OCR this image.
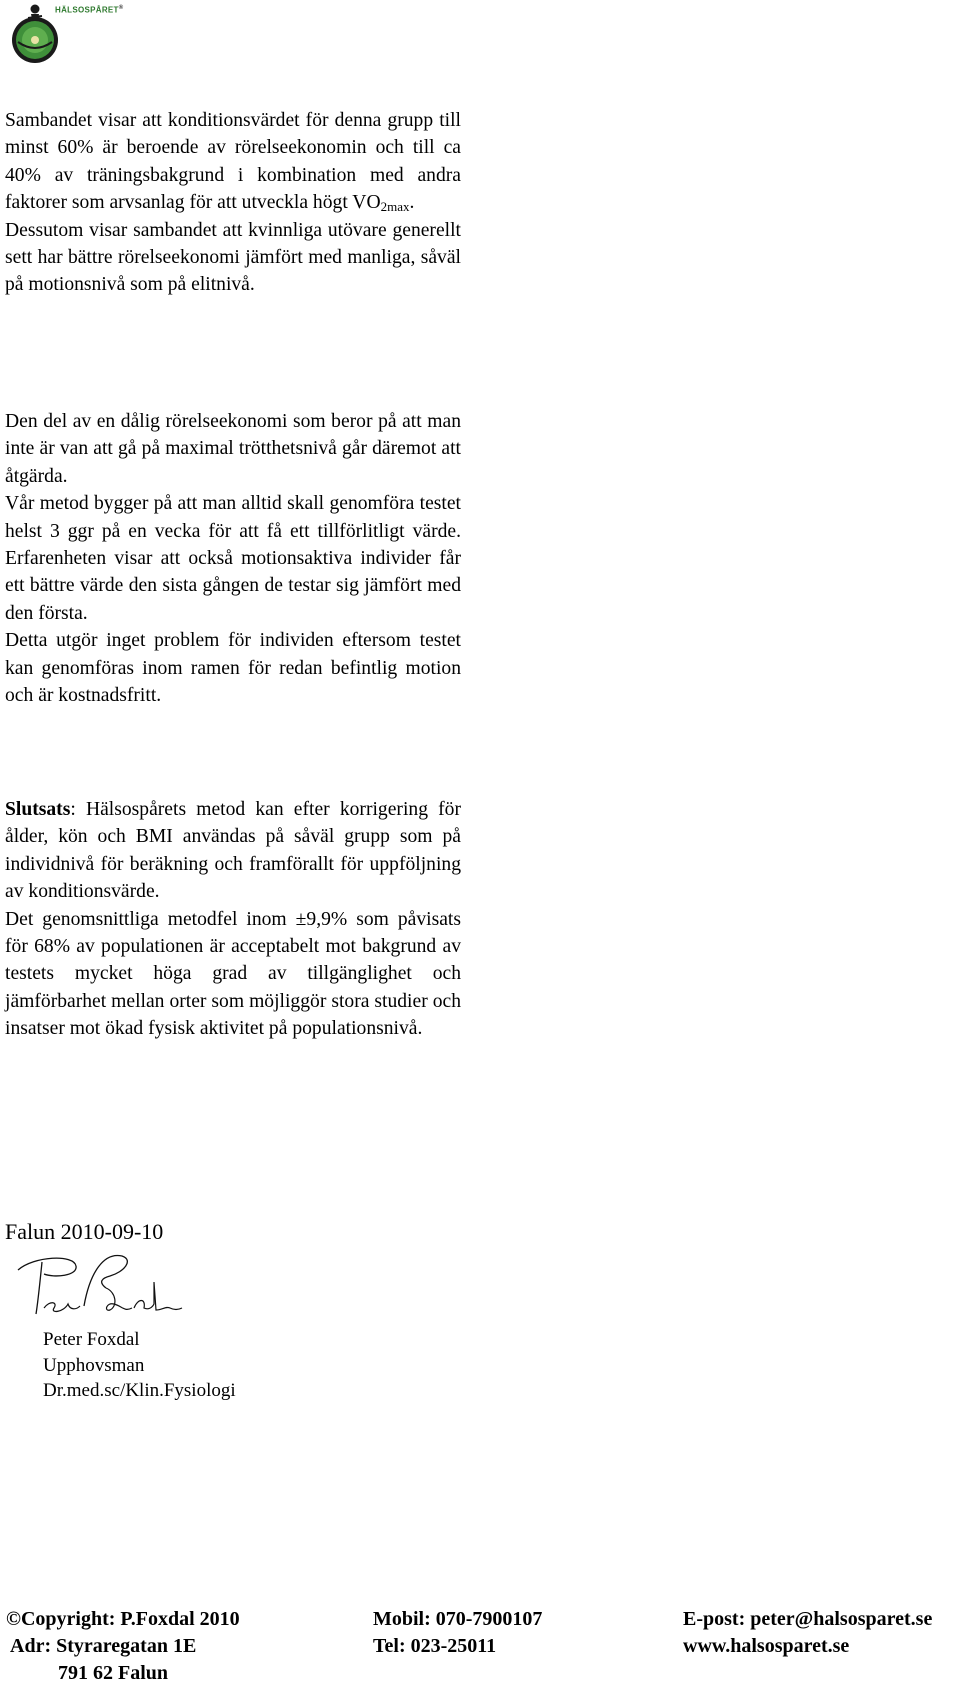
HÄLSOSPÅRET®

Sambandet visar att konditionsvärdet för denna grupp till minst 60% är beroende av rörelseekonomin och till ca 40% av träningsbakgrund i kombination med andra faktorer som arvsanlag för att utveckla högt $VO_{2max}$.

Dessutom visar sambandet att kvinnliga utövare generellt sett har bättre rörelseekonomi jämfört med manliga, såväl på motionsnivå som på elitnivå.

Den del av en dålig rörelseekonomi som beror på att man inte är van att gå på maximal trötthetsnivå går däremot att åtgärda.

Vår metod bygger på att man alltid skall genomföra testet helst 3 ggr på en vecka för att få ett tillförlitligt värde. Erfarenheten visar att också motionsaktiva individer får ett bättre värde den sista gången de testar sig jämfört med den första.

Detta utgör inget problem för individen eftersom testet kan genomföras inom ramen för redan befintlig motion och är kostnadsfritt.

Slutsats: Hälsospårets metod kan efter korrigering för ålder, kön och BMI användas på såväl grupp som på individnivå för beräkning och framförallt för uppföljning av konditionsvärde.

Det genomsnittliga metodfel inom ±9,9% som påvisats för 68% av populationen är acceptabelt mot bakgrund av testets mycket höga grad av tillgänglighet och jämförbarhet mellan orter som möjliggör stora studier och insatser mot ökad fysisk aktivitet på populationsnivå.

Falun 2010-09-10
Peter Foxdal
Upphovsman
Dr.med.sc/Klin.Fysiologi
©Copyright: P.Foxdal 2010
Adr: Styraregatan 1E
791 62 Falun
Mobil: 070-7900107
Tel: 023-25011
E-post: peter@halsosparet.se
www.halsosparet.se
